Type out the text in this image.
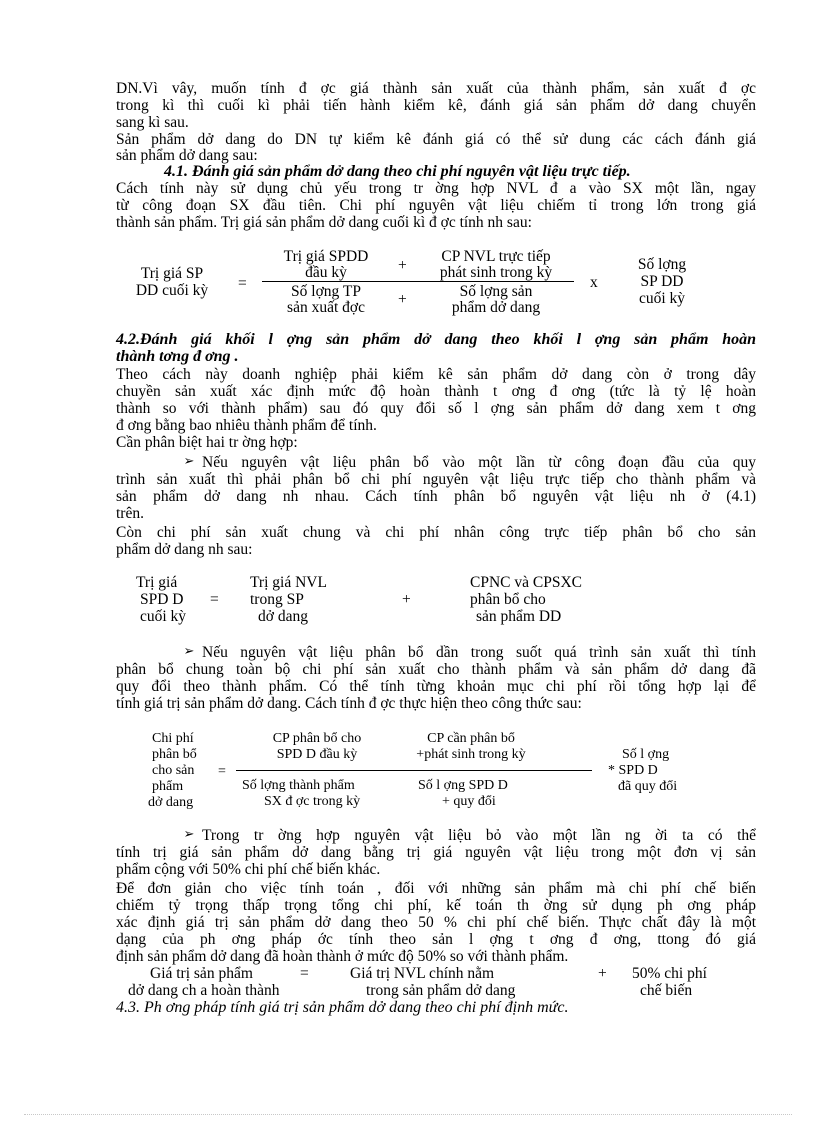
DN.Vì vây, muốn tính đ ợc giá thành sản xuất của thành phẩm, sản xuất đ ợc
trong kì thì cuối kì phải tiến hành kiểm kê, đánh giá sản phẩm dở dang chuyển
sang kì sau.
Sản phẩm dở dang do DN tự kiểm kê đánh giá có thể sử dung các cách đánh giá
sản phẩm dở dang sau:
4.1. Đánh giá sản phẩm dở dang theo chi phí nguyên vật liệu trực tiếp.
Cách tính này sử dụng chủ yếu trong tr ờng hợp NVL đ a vào SX một lần, ngay
từ công đoạn SX đầu tiên. Chi phí nguyên vật liệu chiếm tỉ trong lớn trong giá
thành sản phẩm. Trị giá sản phẩm dở dang cuối kì đ ợc tính nh sau:
Trị giá SP
DD cuối kỳ	=
Trị giá SPDD
đầu kỳ	+
CP NVL trực tiếp
phát sinh trong kỳ
Số lợng TP
sản xuất đợc	+	Số lợng sản
phẩm dở dang
x
Số lợng
SP DD
cuối kỳ
4.2.Đánh giá khối l ợng sản phẩm dở dang theo khối l ợng sản phẩm hoàn
thành tơng đ ơng .
Theo cách này doanh nghiệp phải kiểm kê sản phẩm dở dang còn ở trong dây
chuyền sản xuất xác định mức độ hoàn thành t ơng đ ơng (tức là tỷ lệ hoàn
thành so với thành phẩm) sau đó quy đổi số l ợng sản phẩm dở dang xem t ơng
đ ơng bằng bao nhiêu thành phẩm để tính.
Cần phân biệt hai tr ờng hợp:
➢ Nếu nguyên vật liệu phân bổ vào một lần từ công đoạn đầu của quy
trình sản xuất thì phải phân bổ chi phí nguyên vật liệu trực tiếp cho thành phẩm và
sản phẩm dở dang nh nhau. Cách tính phân bổ nguyên vật liệu nh ở (4.1)
trên.
Còn chi phí sản xuất chung và chi phí nhân công trực tiếp phân bổ cho sản
phẩm dở dang nh sau:
Trị giá
SPD D
cuối kỳ
=
Trị giá NVL
trong SP
dở dang
+
CPNC và CPSXC
phân bổ cho
sản phẩm DD
➢ Nếu nguyên vật liệu phân bổ dần trong suốt quá trình sản xuất thì tính
phân bổ chung toàn bộ chi phí sản xuất cho thành phẩm và sản phẩm dở dang đã
quy đổi theo thành phẩm. Có thể tính từng khoản mục chi phí rồi tổng hợp lại để
tính giá trị sản phẩm dở dang. Cách tính đ ợc thực hiện theo công thức sau:
Chi phí
phân bổ
cho sản
phẩm
dở dang
=
CP phân bổ cho
SPD D đầu kỳ
CP cần phân bổ
+phát sinh trong kỳ
Số lợng thành phẩm
SX đ ợc trong kỳ
Số l ợng SPD D
+ quy đổi
Số l ợng
* SPD D
đã quy đổi
➢ Trong tr ờng hợp nguyên vật liệu bỏ vào một lần ng ời ta có thể
tính trị giá sản phẩm dở dang bằng trị giá nguyên vật liệu trong một đơn vị sản
phẩm cộng với 50% chi phí chế biến khác.
Để đơn giản cho việc tính toán , đối với những sản phẩm mà chi phí chế biến
chiếm tỷ trọng thấp trọng tổng chi phí, kế toán th ờng sử dụng ph ơng pháp
xác định giá trị sản phẩm dở dang theo 50 % chi phí chế biến. Thực chất đây là một
dạng của ph ơng pháp ớc tính theo sản l ợng t ơng đ ơng, ttong đó giá
định sản phẩm dở dang đã hoàn thành ở mức độ 50% so với thành phẩm.
Giá trị sản phẩm
dở dang ch a hoàn thành
=	Giá trị NVL chính nằm
trong sản phẩm dở dang
+ 50% chi phí
chế biến
4.3. Ph ơng pháp tính giá trị sản phẩm dở dang theo chi phí định mức.
